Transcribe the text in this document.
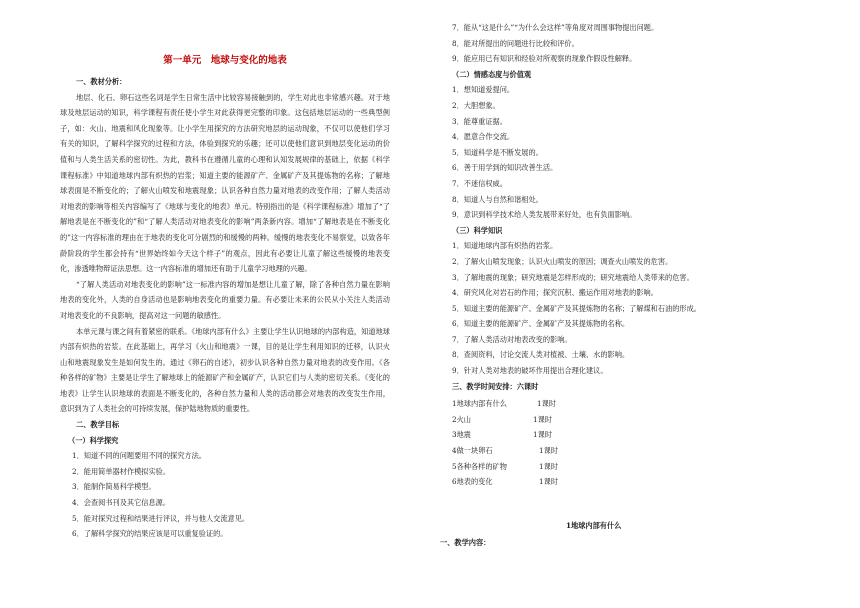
第一单元　地球与变化的地表
一、教材分析：

地层、化石、卵石这些名词是学生日常生活中比较容易接触到的，学生对此也非常感兴趣。对于地球及地层运动的知识，科学课程有责任使小学生对此获得更完整的印象。这包括地层运动的一些典型例子，如：火山、地震和风化现象等。让小学生用探究的方法研究地层的运动现象，不仅可以使他们学习有关的知识，了解科学探究的过程和方法，体验到探究的乐趣；还可以使他们意识到地层变化运动的价值和与人类生活关系的密切性。为此，教科书在遵循儿童的心理和认知发展规律的基础上，依据《科学课程标准》中知道地球内部有炽热的岩浆；知道主要的能源矿产、金属矿产及其提炼物的名称；了解地球表面是不断变化的；了解火山喷发和地震现象；认识各种自然力量对地表的改变作用；了解人类活动对地表的影响等相关内容编写了《地球与变化的地表》单元。特别指出的是《科学课程标准》增加了“了解地表是在不断变化的”和“了解人类活动对地表变化的影响”两条新内容。增加“了解地表是在不断变化的”这一内容标准的理由在于地表的变化可分剧烈的和缓慢的两种。缓慢的地表变化不易察觉，以致各年龄阶段的学生都会持有“世界始终如今天这个样子”的观点，因此有必要让儿童了解这些缓慢的地表变化，渗透唯物辩证法思想。这一内容标准的增加还有助于儿童学习地理的兴趣。

“了解人类活动对地表变化的影响”这一标准内容的增加是想让儿童了解，除了各种自然力量在影响地表的变化外，人类的自身活动也是影响地表变化的重要力量。有必要让未来的公民从小关注人类活动对地表变化的不良影响，提高对这一问题的敏感性。

本单元课与课之间有着紧密的联系。《地球内部有什么》主要让学生认识地球的内部构造，知道地球内部有炽热的岩浆。在此基础上，再学习《火山和地震》一课，目的是让学生利用知识的迁移，认识火山和地震现象发生是如何发生的。通过《卵石的自述》，初步认识各种自然力量对地表的改变作用。《各种各样的矿物》主要是让学生了解地球上的能源矿产和金属矿产，认识它们与人类的密切关系。《变化的地表》让学生认识地球的表面是不断变化的，各种自然力量和人类的活动都会对地表的改变发生作用，意识到为了人类社会的可持续发展，保护陆地物质的重要性。

二、教学目标
（一）科学探究
1．知道不同的问题要用不同的探究方法。
2．能用简单器材作模拟实验。
3．能制作简易科学模型。
4．会查阅书刊及其它信息源。
5．能对探究过程和结果进行评议，并与他人交流意见。
6．了解科学探究的结果应该是可以重复验证的。
7．能从“这是什么”“为什么会这样”等角度对周围事物提出问题。
8．能对所提出的问题进行比较和评价。
9．能应用已有知识和经验对所观察的现象作假设性解释。
（二）情感态度与价值观
1．想知道爱提问。
2．大胆想象。
3．能尊重证据。
4．愿意合作交流。
5．知道科学是不断发展的。
6．善于用学到的知识改善生活。
7．不迷信权威。
8．知道人与自然和谐相处。
9．意识到科学技术给人类发展带来好处，也有负面影响。
（三）科学知识
1．知道地球内部有炽热的岩浆。
2．了解火山喷发现象；认识火山喷发的原因；调查火山喷发的危害。
3．了解地震的现象；研究地震是怎样形成的；研究地震给人类带来的危害。
4．研究风化对岩石的作用；探究沉积、搬运作用对地表的影响。
5．知道主要的能源矿产、金属矿产及其提炼物的名称；了解煤和石油的形成。
6．知道主要的能源矿产、金属矿产及其提炼物的名称。
7．了解人类活动对地表改变的影响。
8．查阅资料，讨论交流人类对植被、土壤、水的影响。
9．针对人类对地表的破坏作用提出合理化建议。
三、教学时间安排：六课时
1地球内部有什么	1课时
2火山	1课时
3地震	1课时
4做一块卵石	1课时
5各种各样的矿物	1课时
6地表的变化	1课时
1地球内部有什么
一、教学内容：
